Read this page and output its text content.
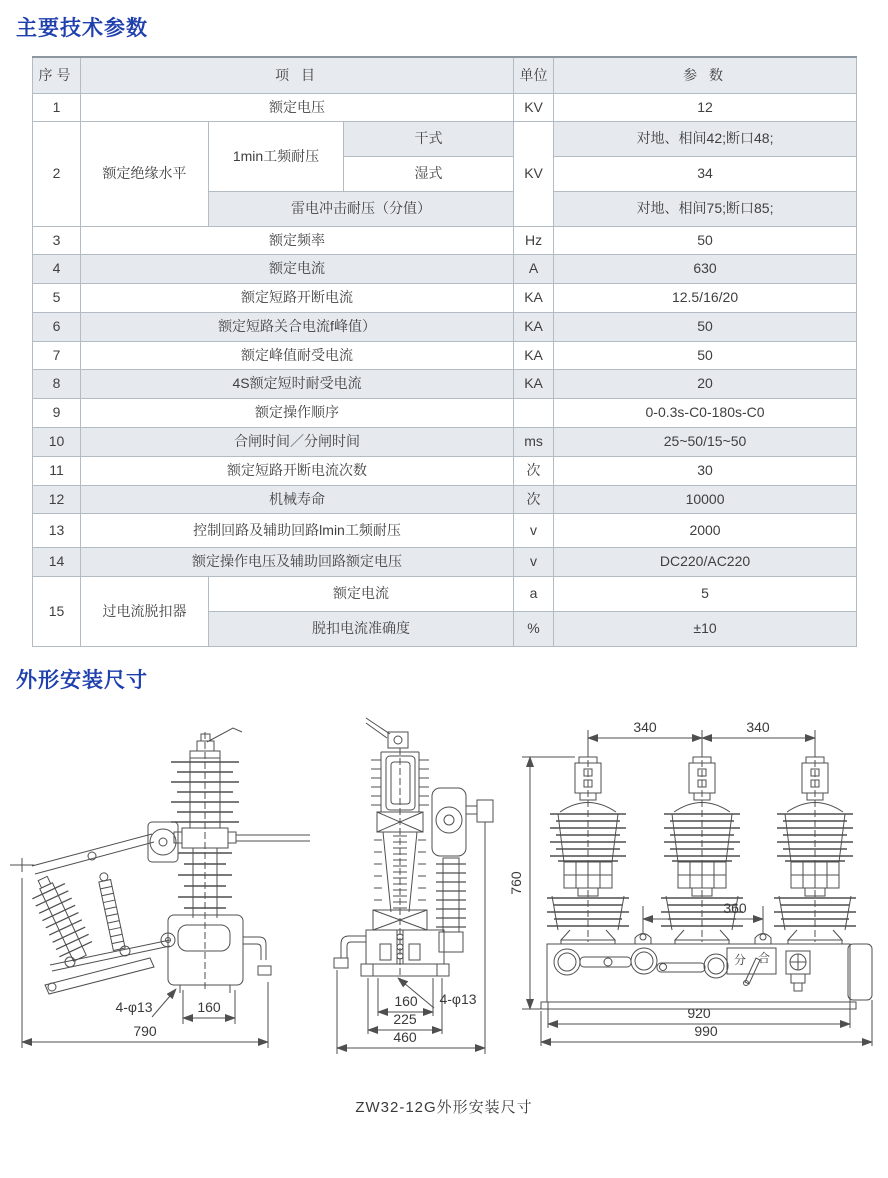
主要技术参数
序号	项 目			单位	参 数
1	额定电压			KV	12
2	额定绝缘水平	1min工频耐压	干式	KV	对地、相间42;断口48;
			湿式		34
		雷电冲击耐压（分值）			对地、相间75;断口85;
3	额定频率			Hz	50
4	额定电流			A	630
5	额定短路开断电流			KA	12.5/16/20
6	额定短路关合电流f峰值）			KA	50
7	额定峰值耐受电流			KA	50
8	4S额定短时耐受电流			KA	20
9	额定操作顺序				0-0.3s-C0-180s-C0
10	合闸时间／分闸时间			ms	25~50/15~50
11	额定短路开断电流次数			次	30
12	机械寿命			次	10000
13	控制回路及辅助回路lmin工频耐压			v	2000
14	额定操作电压及辅助回路额定电压			v	DC220/AC220
15	过电流脱扣器	额定电流		a	5
		脱扣电流准确度		%	±10
外形安装尺寸
160
4-φ13
790
160 4-φ13
225
460
分 合
340	340
760
360
920
990
ZW32-12G外形安装尺寸
